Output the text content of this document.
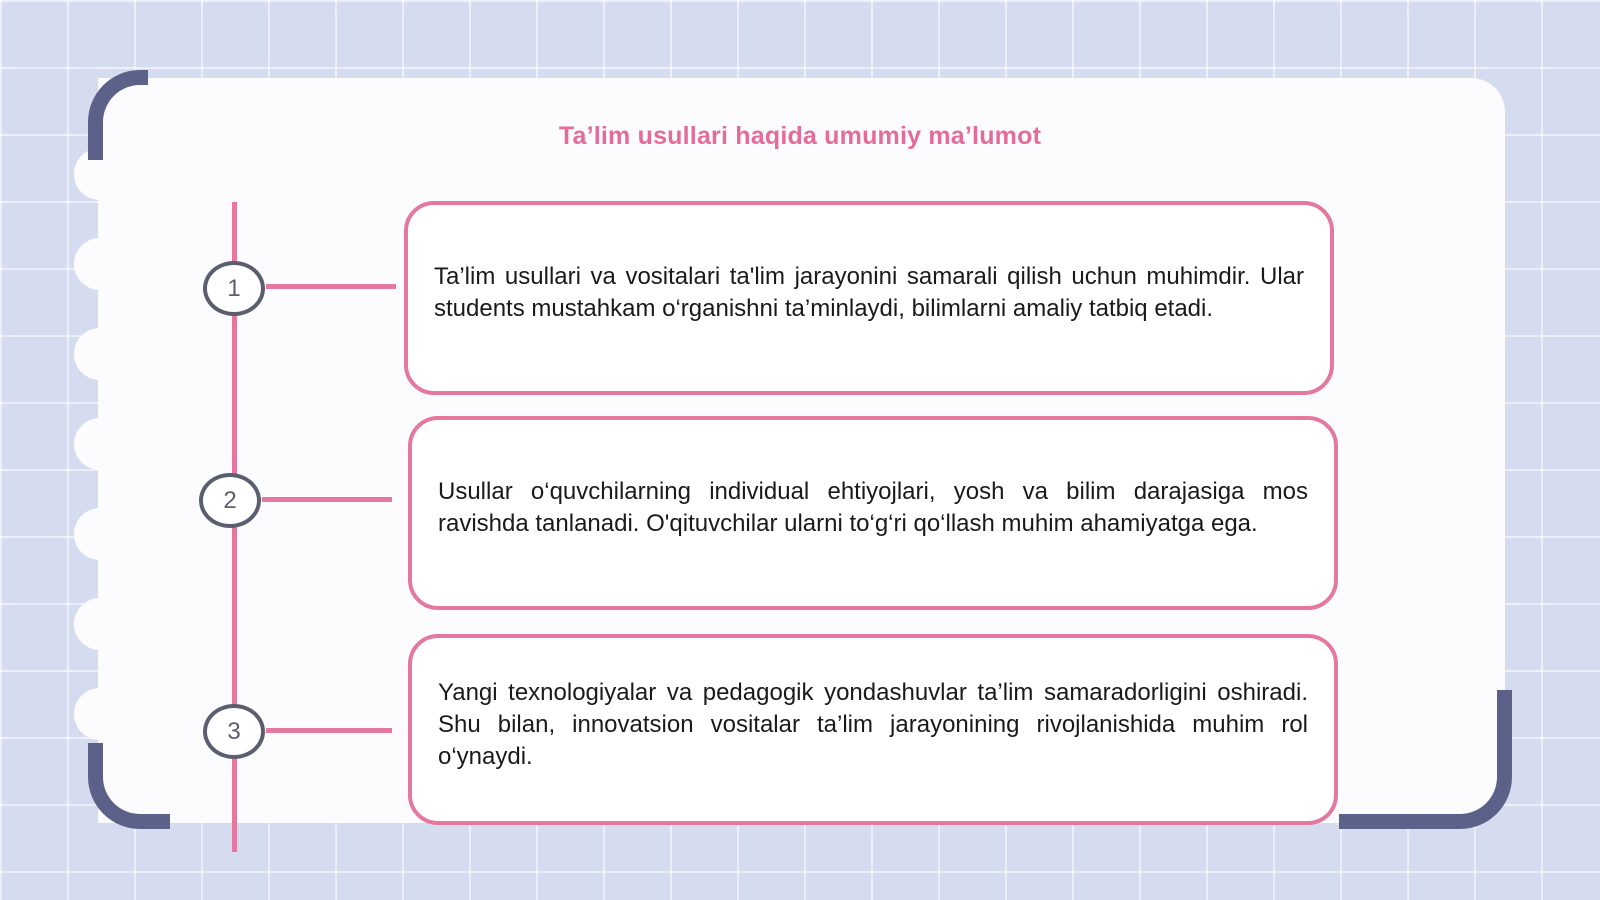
Ta’lim usullari haqida umumiy ma’lumot
1
2
3
Ta’lim usullari va vositalari ta'lim jarayonini samarali qilish uchun muhimdir. Ular students mustahkam o‘rganishni ta’minlaydi, bilimlarni amaliy tatbiq etadi.
Usullar o‘quvchilarning individual ehtiyojlari, yosh va bilim darajasiga mos ravishda tanlanadi. O'qituvchilar ularni to‘g‘ri qo‘llash muhim ahamiyatga ega.
Yangi texnologiyalar va pedagogik yondashuvlar ta’lim samaradorligini oshiradi. Shu bilan, innovatsion vositalar ta’lim jarayonining rivojlanishida muhim rol o‘ynaydi.
